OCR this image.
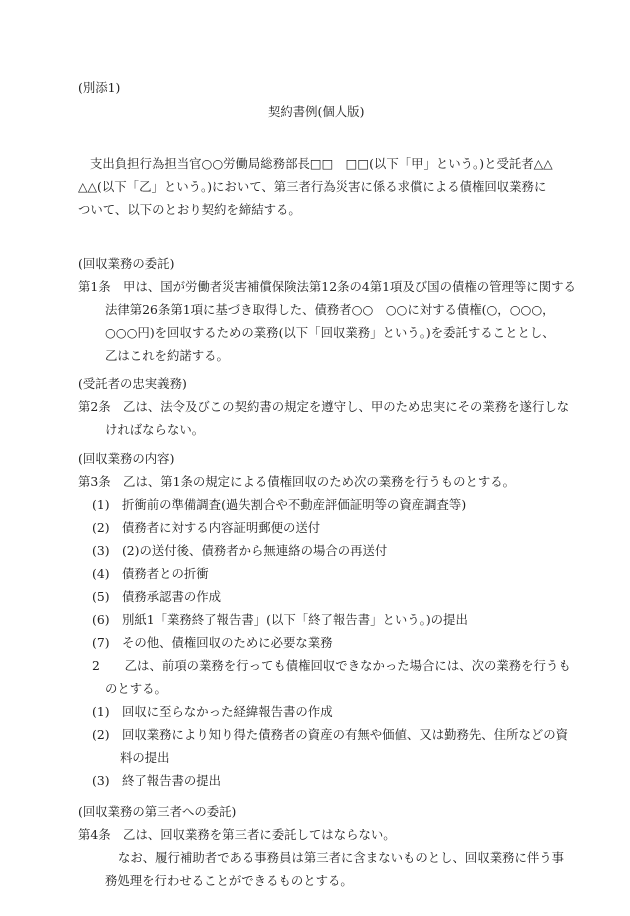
(別添1)
契約書例(個人版)
支出負担行為担当官○○労働局総務部長□□　□□(以下「甲」という。)と受託者△△
△△(以下「乙」という。)において、第三者行為災害に係る求償による債権回収業務に
ついて、以下のとおり契約を締結する。
(回収業務の委託)
第1条　甲は、国が労働者災害補償保険法第12条の4第1項及び国の債権の管理等に関する
法律第26条第1項に基づき取得した、債務者○○　○○に対する債権(○，○○○，
○○○円)を回収するための業務(以下「回収業務」という。)を委託することとし、
乙はこれを約諾する。
(受託者の忠実義務)
第2条　乙は、法令及びこの契約書の規定を遵守し、甲のため忠実にその業務を遂行しな
ければならない。
(回収業務の内容)
第3条　乙は、第1条の規定による債権回収のため次の業務を行うものとする。
(1)　折衝前の準備調査(過失割合や不動産評価証明等の資産調査等)
(2)　債務者に対する内容証明郵便の送付
(3)　(2)の送付後、債務者から無連絡の場合の再送付
(4)　債務者との折衝
(5)　債務承認書の作成
(6)　別紙1「業務終了報告書」(以下「終了報告書」という。)の提出
(7)　その他、債権回収のために必要な業務
2　　乙は、前項の業務を行っても債権回収できなかった場合には、次の業務を行うも
のとする。
(1)　回収に至らなかった経緯報告書の作成
(2)　回収業務により知り得た債務者の資産の有無や価値、又は勤務先、住所などの資
料の提出
(3)　終了報告書の提出
(回収業務の第三者への委託)
第4条　乙は、回収業務を第三者に委託してはならない。
なお、履行補助者である事務員は第三者に含まないものとし、回収業務に伴う事
務処理を行わせることができるものとする。
